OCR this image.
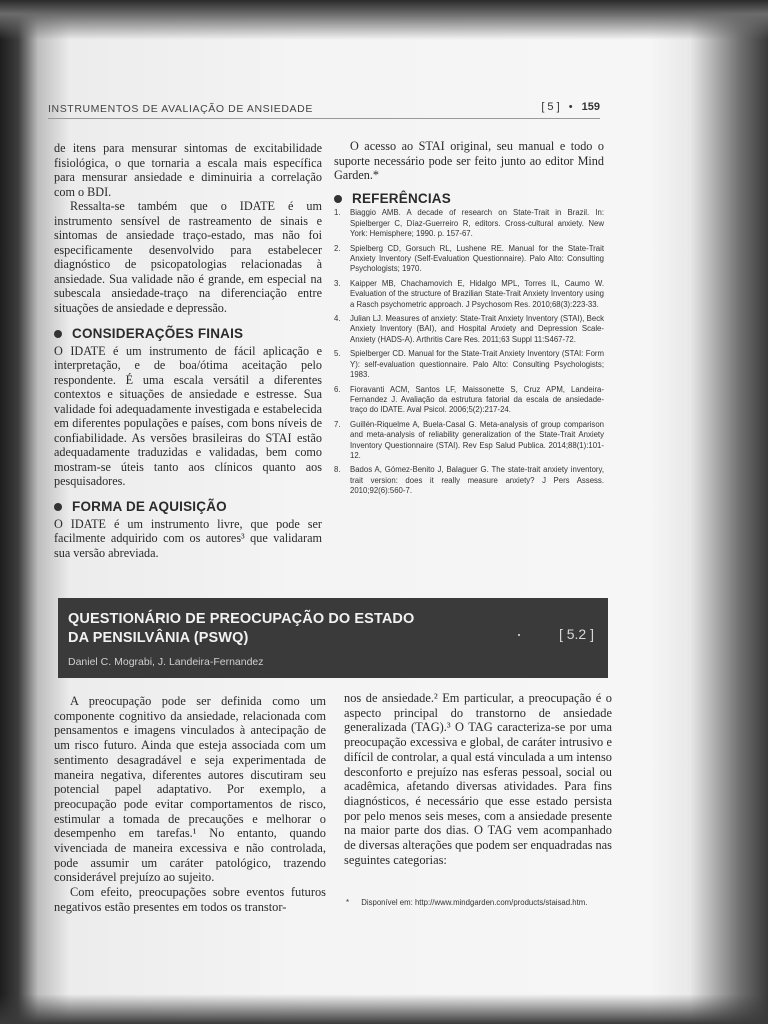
INSTRUMENTOS DE AVALIAÇÃO DE ANSIEDADE	[ 5 ] • 159

de itens para mensurar sintomas de excitabilidade fisiológica, o que tornaria a escala mais específica para mensurar ansiedade e diminuiria a correlação com o BDI.

Ressalta-se também que o IDATE é um instrumento sensível de rastreamento de sinais e sintomas de ansiedade traço-estado, mas não foi especificamente desenvolvido para estabelecer diagnóstico de psicopatologias relacionadas à ansiedade. Sua validade não é grande, em especial na subescala ansiedade-traço na diferenciação entre situações de ansiedade e depressão.

CONSIDERAÇÕES FINAIS

O IDATE é um instrumento de fácil aplicação e interpretação, e de boa/ótima aceitação pelo respondente. É uma escala versátil a diferentes contextos e situações de ansiedade e estresse. Sua validade foi adequadamente investigada e estabelecida em diferentes populações e países, com bons níveis de confiabilidade. As versões brasileiras do STAI estão adequadamente traduzidas e validadas, bem como mostram-se úteis tanto aos clínicos quanto aos pesquisadores.

FORMA DE AQUISIÇÃO

O IDATE é um instrumento livre, que pode ser facilmente adquirido com os autores³ que validaram sua versão abreviada.

O acesso ao STAI original, seu manual e todo o suporte necessário pode ser feito junto ao editor Mind Garden.*

REFERÊNCIAS
1.	Biaggio AMB. A decade of research on State-Trait in Brazil. In: Spielberger C, Díaz-Guerreiro R, editors. Cross-cultural anxiety. New York: Hemisphere; 1990. p. 157-67.
2.	Spielberg CD, Gorsuch RL, Lushene RE. Manual for the State-Trait Anxiety Inventory (Self-Evaluation Questionnaire). Palo Alto: Consulting Psychologists; 1970.
3.	Kaipper MB, Chachamovich E, Hidalgo MPL, Torres IL, Caumo W. Evaluation of the structure of Brazilian State-Trait Anxiety Inventory using a Rasch psychometric approach. J Psychosom Res. 2010;68(3):223-33.
4.	Julian LJ. Measures of anxiety: State-Trait Anxiety Inventory (STAI), Beck Anxiety Inventory (BAI), and Hospital Anxiety and Depression Scale-Anxiety (HADS-A). Arthritis Care Res. 2011;63 Suppl 11:S467-72.
5.	Spielberger CD. Manual for the State-Trait Anxiety Inventory (STAI: Form Y): self-evaluation questionnaire. Palo Alto: Consulting Psychologists; 1983.
6.	Fioravanti ACM, Santos LF, Maissonette S, Cruz APM, Landeira-Fernandez J. Avaliação da estrutura fatorial da escala de ansiedade-traço do IDATE. Aval Psicol. 2006;5(2):217-24.
7.	Guillén-Riquelme A, Buela-Casal G. Meta-analysis of group comparison and meta-analysis of reliability generalization of the State-Trait Anxiety Inventory Questionnaire (STAI). Rev Esp Salud Publica. 2014;88(1):101-12.
8.	Bados A, Gómez-Benito J, Balaguer G. The state-trait anxiety inventory, trait version: does it really measure anxiety? J Pers Assess. 2010;92(6):560-7.
QUESTIONÁRIO DE PREOCUPAÇÃO DO ESTADO
DA PENSILVÂNIA (PSWQ)
Daniel C. Mograbi, J. Landeira-Fernandez
[ 5.2 ]

A preocupação pode ser definida como um componente cognitivo da ansiedade, relacionada com pensamentos e imagens vinculados à antecipação de um risco futuro. Ainda que esteja associada com um sentimento desagradável e seja experimentada de maneira negativa, diferentes autores discutiram seu potencial papel adaptativo. Por exemplo, a preocupação pode evitar comportamentos de risco, estimular a tomada de precauções e melhorar o desempenho em tarefas.¹ No entanto, quando vivenciada de maneira excessiva e não controlada, pode assumir um caráter patológico, trazendo considerável prejuízo ao sujeito.

Com efeito, preocupações sobre eventos futuros negativos estão presentes em todos os transtor-

nos de ansiedade.² Em particular, a preocupação é o aspecto principal do transtorno de ansiedade generalizada (TAG).³ O TAG caracteriza-se por uma preocupação excessiva e global, de caráter intrusivo e difícil de controlar, a qual está vinculada a um intenso desconforto e prejuízo nas esferas pessoal, social ou acadêmica, afetando diversas atividades. Para fins diagnósticos, é necessário que esse estado persista por pelo menos seis meses, com a ansiedade presente na maior parte dos dias. O TAG vem acompanhado de diversas alterações que podem ser enquadradas nas seguintes categorias:

* Disponível em: http://www.mindgarden.com/products/staisad.htm.
